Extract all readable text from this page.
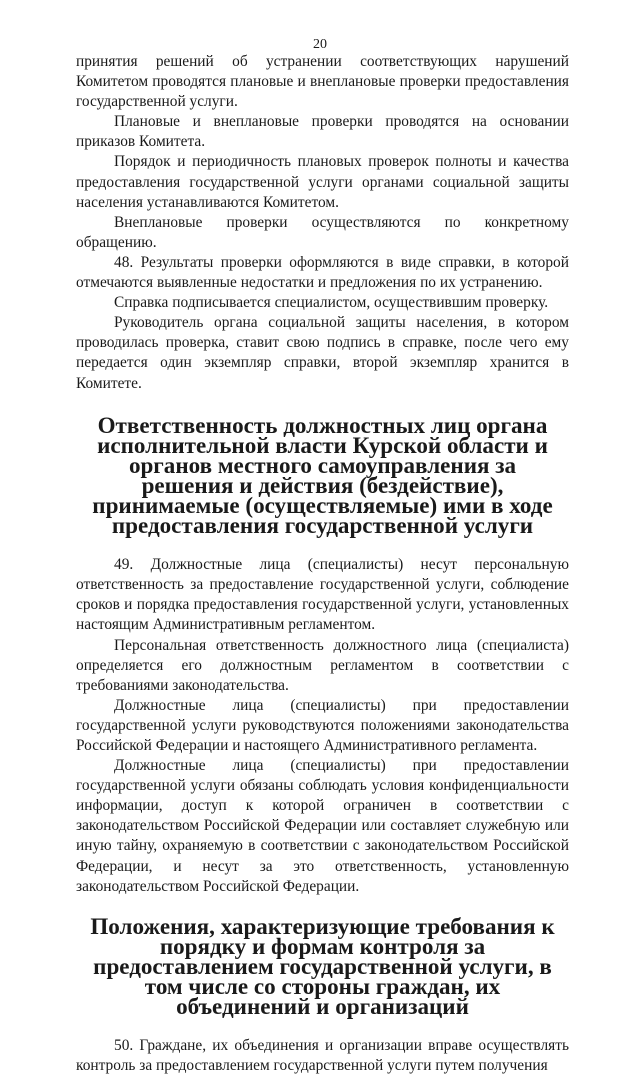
20

принятия решений об устранении соответствующих нарушений Комитетом проводятся плановые и внеплановые проверки предоставления государственной услуги.

Плановые и внеплановые проверки проводятся на основании приказов Комитета.

Порядок и периодичность плановых проверок полноты и качества предоставления государственной услуги органами социальной защиты населения устанавливаются Комитетом.

Внеплановые проверки осуществляются по конкретному обращению.

48. Результаты проверки оформляются в виде справки, в которой отмечаются выявленные недостатки и предложения по их устранению.

Справка подписывается специалистом, осуществившим проверку.

Руководитель органа социальной защиты населения, в котором проводилась проверка, ставит свою подпись в справке, после чего ему передается один экземпляр справки, второй экземпляр хранится в Комитете.

Ответственность должностных лиц органа исполнительной власти Курской области и органов местного самоуправления за решения и действия (бездействие), принимаемые (осуществляемые) ими в ходе предоставления государственной услуги

49. Должностные лица (специалисты) несут персональную ответственность за предоставление государственной услуги, соблюдение сроков и порядка предоставления государственной услуги, установленных настоящим Административным регламентом.

Персональная ответственность должностного лица (специалиста) определяется его должностным регламентом в соответствии с требованиями законодательства.

Должностные лица (специалисты) при предоставлении государственной услуги руководствуются положениями законодательства Российской Федерации и настоящего Административного регламента.

Должностные лица (специалисты) при предоставлении государственной услуги обязаны соблюдать условия конфиденциальности информации, доступ к которой ограничен в соответствии с законодательством Российской Федерации или составляет служебную или иную тайну, охраняемую в соответствии с законодательством Российской Федерации, и несут за это ответственность, установленную законодательством Российской Федерации.

Положения, характеризующие требования к порядку и формам контроля за предоставлением государственной услуги, в том числе со стороны граждан, их объединений и организаций

50. Граждане, их объединения и организации вправе осуществлять контроль за предоставлением государственной услуги путем получения
